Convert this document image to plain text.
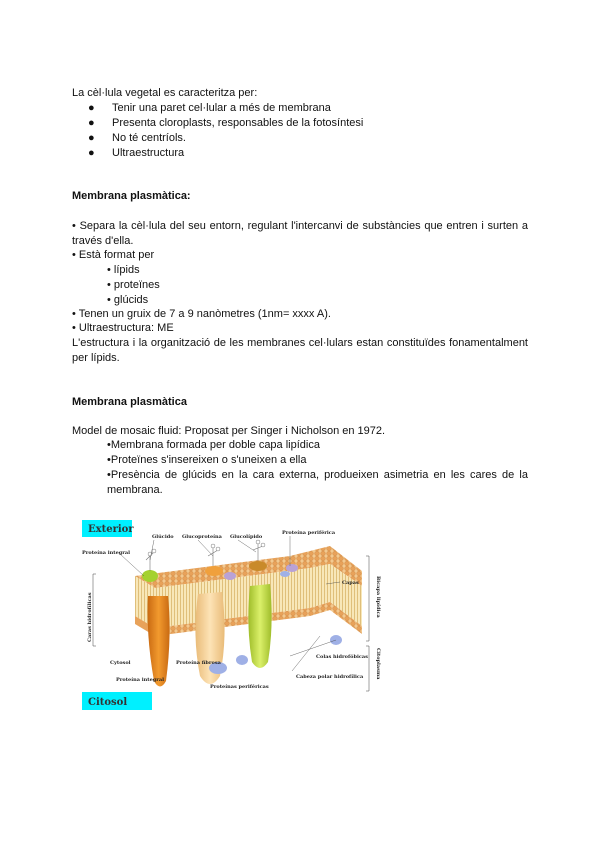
La cèl·lula vegetal es caracteritza per:
● Tenir una paret cel·lular a més de membrana
● Presenta cloroplasts, responsables de la fotosíntesi
● No té centríols.
● Ultraestructura
Membrana plasmàtica:
• Separa la cèl·lula del seu entorn, regulant l'intercanvi de substàncies que entren i surten a través d'ella.
• Està format per
• lípids
• proteïnes
• glúcids
• Tenen un gruix de 7 a 9 nanòmetres (1nm= xxxx A).
• Ultraestructura: ME
L'estructura i la organització de les membranes cel·lulars estan constituïdes fonamentalment per lípids.
Membrana plasmàtica
Model de mosaic fluid: Proposat per Singer i Nicholson en 1972.
•Membrana formada per doble capa lipídica
•Proteïnes s'insereixen o s'uneixen a ella
•Presència de glúcids en la cara externa, produeixen asimetria en les cares de la membrana.
Exterior
Glúcido Glucoproteína Glucolípido
Proteína periférica
Proteína integral
Capas
Caras hidrofílicas
Cytosol	Proteína fibrosa
Proteína integral
Proteínas periféricas
Colas hidrofóbicas
Cabeza polar hidrofílica
Bicapa lipídica
Citoplasma
Citosol
